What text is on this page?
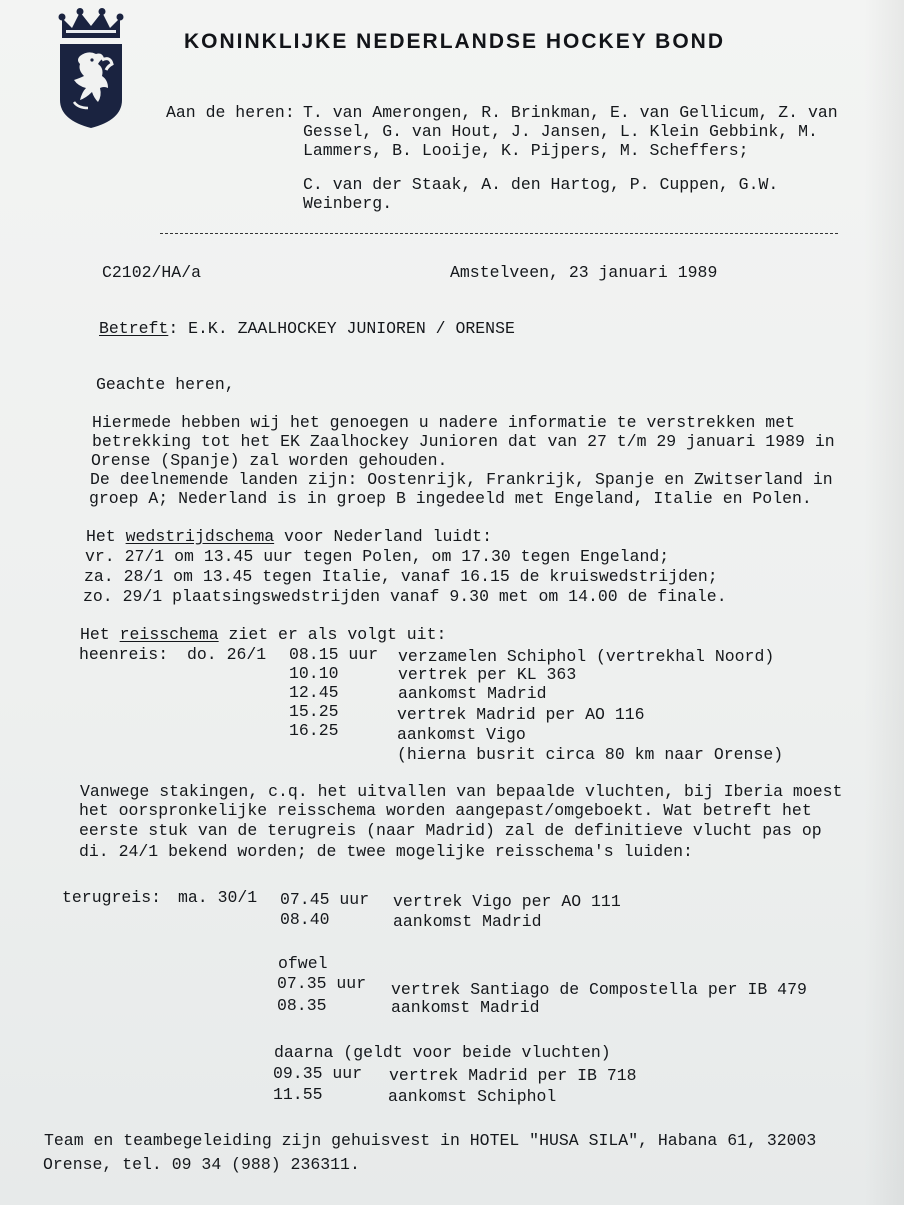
KONINKLIJKE NEDERLANDSE HOCKEY BOND
Aan de heren: T. van Amerongen, R. Brinkman, E. van Gellicum, Z. van
Gessel, G. van Hout, J. Jansen, L. Klein Gebbink, M.
Lammers, B. Looije, K. Pijpers, M. Scheffers;
C. van der Staak, A. den Hartog, P. Cuppen, G.W.
Weinberg.
C2102/HA/a	Amstelveen, 23 januari 1989
Betreft: E.K. ZAALHOCKEY JUNIOREN / ORENSE
Geachte heren,
Hiermede hebben wij het genoegen u nadere informatie te verstrekken met
betrekking tot het EK Zaalhockey Junioren dat van 27 t/m 29 januari 1989 in
Orense (Spanje) zal worden gehouden.
De deelnemende landen zijn: Oostenrijk, Frankrijk, Spanje en Zwitserland in
groep A; Nederland is in groep B ingedeeld met Engeland, Italie en Polen.
Het wedstrijdschema voor Nederland luidt:
vr. 27/1 om 13.45 uur tegen Polen, om 17.30 tegen Engeland;
za. 28/1 om 13.45 tegen Italie, vanaf 16.15 de kruiswedstrijden;
zo. 29/1 plaatsingswedstrijden vanaf 9.30 met om 14.00 de finale.
Het reisschema ziet er als volgt uit:
heenreis: do. 26/1 08.15 uur verzamelen Schiphol (vertrekhal Noord)
10.10	vertrek per KL 363
12.45	aankomst Madrid
15.25	vertrek Madrid per AO 116
16.25	aankomst Vigo
(hierna busrit circa 80 km naar Orense)
Vanwege stakingen, c.q. het uitvallen van bepaalde vluchten, bij Iberia moest
het oorspronkelijke reisschema worden aangepast/omgeboekt. Wat betreft het
eerste stuk van de terugreis (naar Madrid) zal de definitieve vlucht pas op
di. 24/1 bekend worden; de twee mogelijke reisschema's luiden:
terugreis: ma. 30/1 07.45 uur vertrek Vigo per AO 111
08.40	aankomst Madrid
ofwel
07.35 uur vertrek Santiago de Compostella per IB 479
08.35	aankomst Madrid
daarna (geldt voor beide vluchten)
09.35 uur vertrek Madrid per IB 718
11.55	aankomst Schiphol
Team en teambegeleiding zijn gehuisvest in HOTEL "HUSA SILA", Habana 61, 32003
Orense, tel. 09 34 (988) 236311.
